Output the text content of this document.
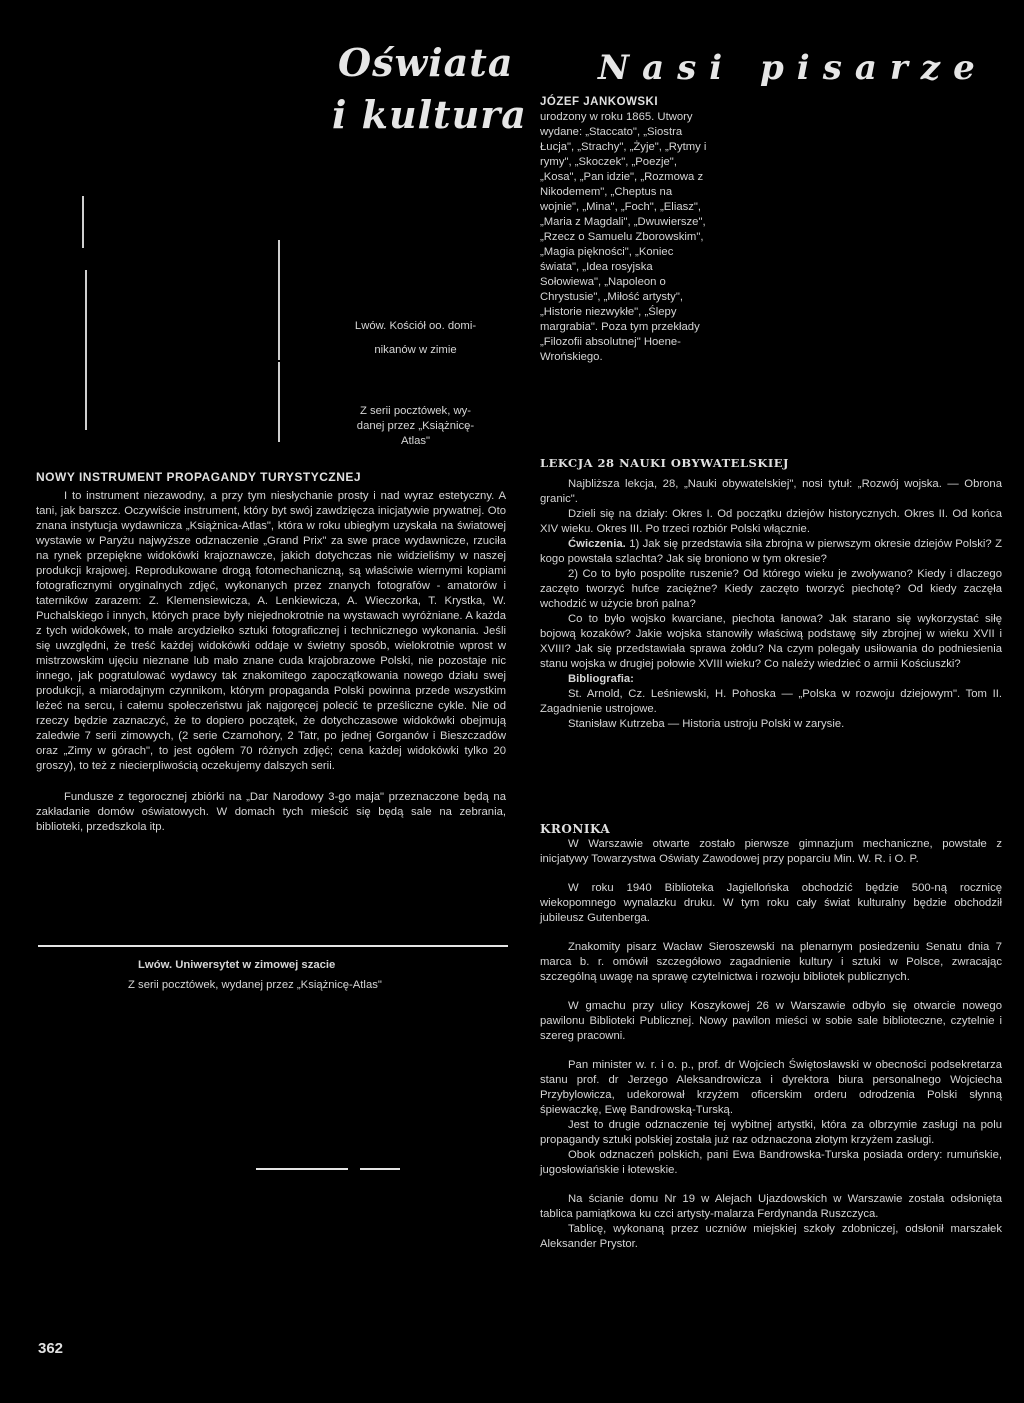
Oświata
i kultura
Nasi pisarze

Lwów. Kościół oo. domi-

nikanów w zimie

Z serii pocztówek, wy-

danej przez „Książnicę-

Atlas"

JÓZEF JANKOWSKI

urodzony w roku 1865. Utwory wydane: „Staccato", „Siostra Łucja", „Strachy", „Żyje", „Rytmy i rymy", „Skoczek", „Poezje", „Kosa", „Pan idzie", „Rozmowa z Nikodemem", „Cheptus na wojnie", „Mina", „Foch", „Eliasz", „Maria z Magdali", „Dwuwiersze", „Rzecz o Samuelu Zborowskim", „Magia piękności", „Koniec świata", „Idea rosyjska Sołowiewa", „Napoleon o Chrystusie", „Miłość artysty", „Historie niezwykłe", „Ślepy margrabia". Poza tym przekłady „Filozofii absolutnej" Hoene-Wrońskiego.

NOWY INSTRUMENT PROPAGANDY TURYSTYCZNEJ

I to instrument niezawodny, a przy tym niesłychanie prosty i nad wyraz estetyczny. A tani, jak barszcz. Oczywiście instrument, który byt swój zawdzięcza inicjatywie prywatnej. Oto znana instytucja wydawnicza „Książnica-Atlas", która w roku ubiegłym uzyskała na światowej wystawie w Paryżu najwyższe odznaczenie „Grand Prix" za swe prace wydawnicze, rzuciła na rynek przepiękne widokówki krajoznawcze, jakich dotychczas nie widzieliśmy w naszej produkcji krajowej. Reprodukowane drogą fotomechaniczną, są właściwie wiernymi kopiami fotograficznymi oryginalnych zdjęć, wykonanych przez znanych fotografów - amatorów i taterników zarazem: Z. Klemensiewicza, A. Lenkiewicza, A. Wieczorka, T. Krystka, W. Puchalskiego i innych, których prace były niejednokrotnie na wystawach wyróżniane. A każda z tych widokówek, to małe arcydziełko sztuki fotograficznej i technicznego wykonania. Jeśli się uwzględni, że treść każdej widokówki oddaje w świetny sposób, wielokrotnie wprost w mistrzowskim ujęciu nieznane lub mało znane cuda krajobrazowe Polski, nie pozostaje nic innego, jak pogratulować wydawcy tak znakomitego zapoczątkowania nowego działu swej produkcji, a miarodajnym czynnikom, którym propaganda Polski powinna przede wszystkim leżeć na sercu, i całemu społeczeństwu jak najgoręcej polecić te prześliczne cykle. Nie od rzeczy będzie zaznaczyć, że to dopiero początek, że dotychczasowe widokówki obejmują zaledwie 7 serii zimowych, (2 serie Czarnohory, 2 Tatr, po jednej Gorganów i Bieszczadów oraz „Zimy w górach", to jest ogółem 70 różnych zdjęć; cena każdej widokówki tylko 20 groszy), to też z niecierpliwością oczekujemy dalszych serii.

Fundusze z tegorocznej zbiórki na „Dar Narodowy 3-go maja" przeznaczone będą na zakładanie domów oświatowych. W domach tych mieścić się będą sale na zebrania, biblioteki, przedszkola itp.

Lwów. Uniwersytet w zimowej szacie

Z serii pocztówek, wydanej przez „Książnicę-Atlas"

362

LEKCJA 28 NAUKI OBYWATELSKIEJ

Najbliższa lekcja, 28, „Nauki obywatelskiej", nosi tytuł: „Rozwój wojska. — Obrona granic".

Dzieli się na działy: Okres I. Od początku dziejów historycznych. Okres II. Od końca XIV wieku. Okres III. Po trzeci rozbiór Polski włącznie.

Ćwiczenia. 1) Jak się przedstawia siła zbrojna w pierwszym okresie dziejów Polski? Z kogo powstała szlachta? Jak się broniono w tym okresie?

2) Co to było pospolite ruszenie? Od którego wieku je zwoływano? Kiedy i dlaczego zaczęto tworzyć hufce zaciężne? Kiedy zaczęto tworzyć piechotę? Od kiedy zaczęła wchodzić w użycie broń palna?

Co to było wojsko kwarciane, piechota łanowa? Jak starano się wykorzystać siłę bojową kozaków? Jakie wojska stanowiły właściwą podstawę siły zbrojnej w wieku XVII i XVIII? Jak się przedstawiała sprawa żołdu? Na czym polegały usiłowania do podniesienia stanu wojska w drugiej połowie XVIII wieku? Co należy wiedzieć o armii Kościuszki?

Bibliografia:

St. Arnold, Cz. Leśniewski, H. Pohoska — „Polska w rozwoju dziejowym". Tom II. Zagadnienie ustrojowe.

Stanisław Kutrzeba — Historia ustroju Polski w zarysie.

KRONIKA

W Warszawie otwarte zostało pierwsze gimnazjum mechaniczne, powstałe z inicjatywy Towarzystwa Oświaty Zawodowej przy poparciu Min. W. R. i O. P.

W roku 1940 Biblioteka Jagiellońska obchodzić będzie 500-ną rocznicę wiekopomnego wynalazku druku. W tym roku cały świat kulturalny będzie obchodził jubileusz Gutenberga.

Znakomity pisarz Wacław Sieroszewski na plenarnym posiedzeniu Senatu dnia 7 marca b. r. omówił szczegółowo zagadnienie kultury i sztuki w Polsce, zwracając szczególną uwagę na sprawę czytelnictwa i rozwoju bibliotek publicznych.

W gmachu przy ulicy Koszykowej 26 w Warszawie odbyło się otwarcie nowego pawilonu Biblioteki Publicznej. Nowy pawilon mieści w sobie sale biblioteczne, czytelnie i szereg pracowni.

Pan minister w. r. i o. p., prof. dr Wojciech Świętosławski w obecności podsekretarza stanu prof. dr Jerzego Aleksandrowicza i dyrektora biura personalnego Wojciecha Przybylowicza, udekorował krzyżem oficerskim orderu odrodzenia Polski słynną śpiewaczkę, Ewę Bandrowską-Turską.

Jest to drugie odznaczenie tej wybitnej artystki, która za olbrzymie zasługi na polu propagandy sztuki polskiej została już raz odznaczona złotym krzyżem zasługi.

Obok odznaczeń polskich, pani Ewa Bandrowska-Turska posiada ordery: rumuńskie, jugosłowiańskie i łotewskie.

Na ścianie domu Nr 19 w Alejach Ujazdowskich w Warszawie została odsłonięta tablica pamiątkowa ku czci artysty-malarza Ferdynanda Ruszczyca.

Tablicę, wykonaną przez uczniów miejskiej szkoły zdobniczej, odsłonił marszałek Aleksander Prystor.
